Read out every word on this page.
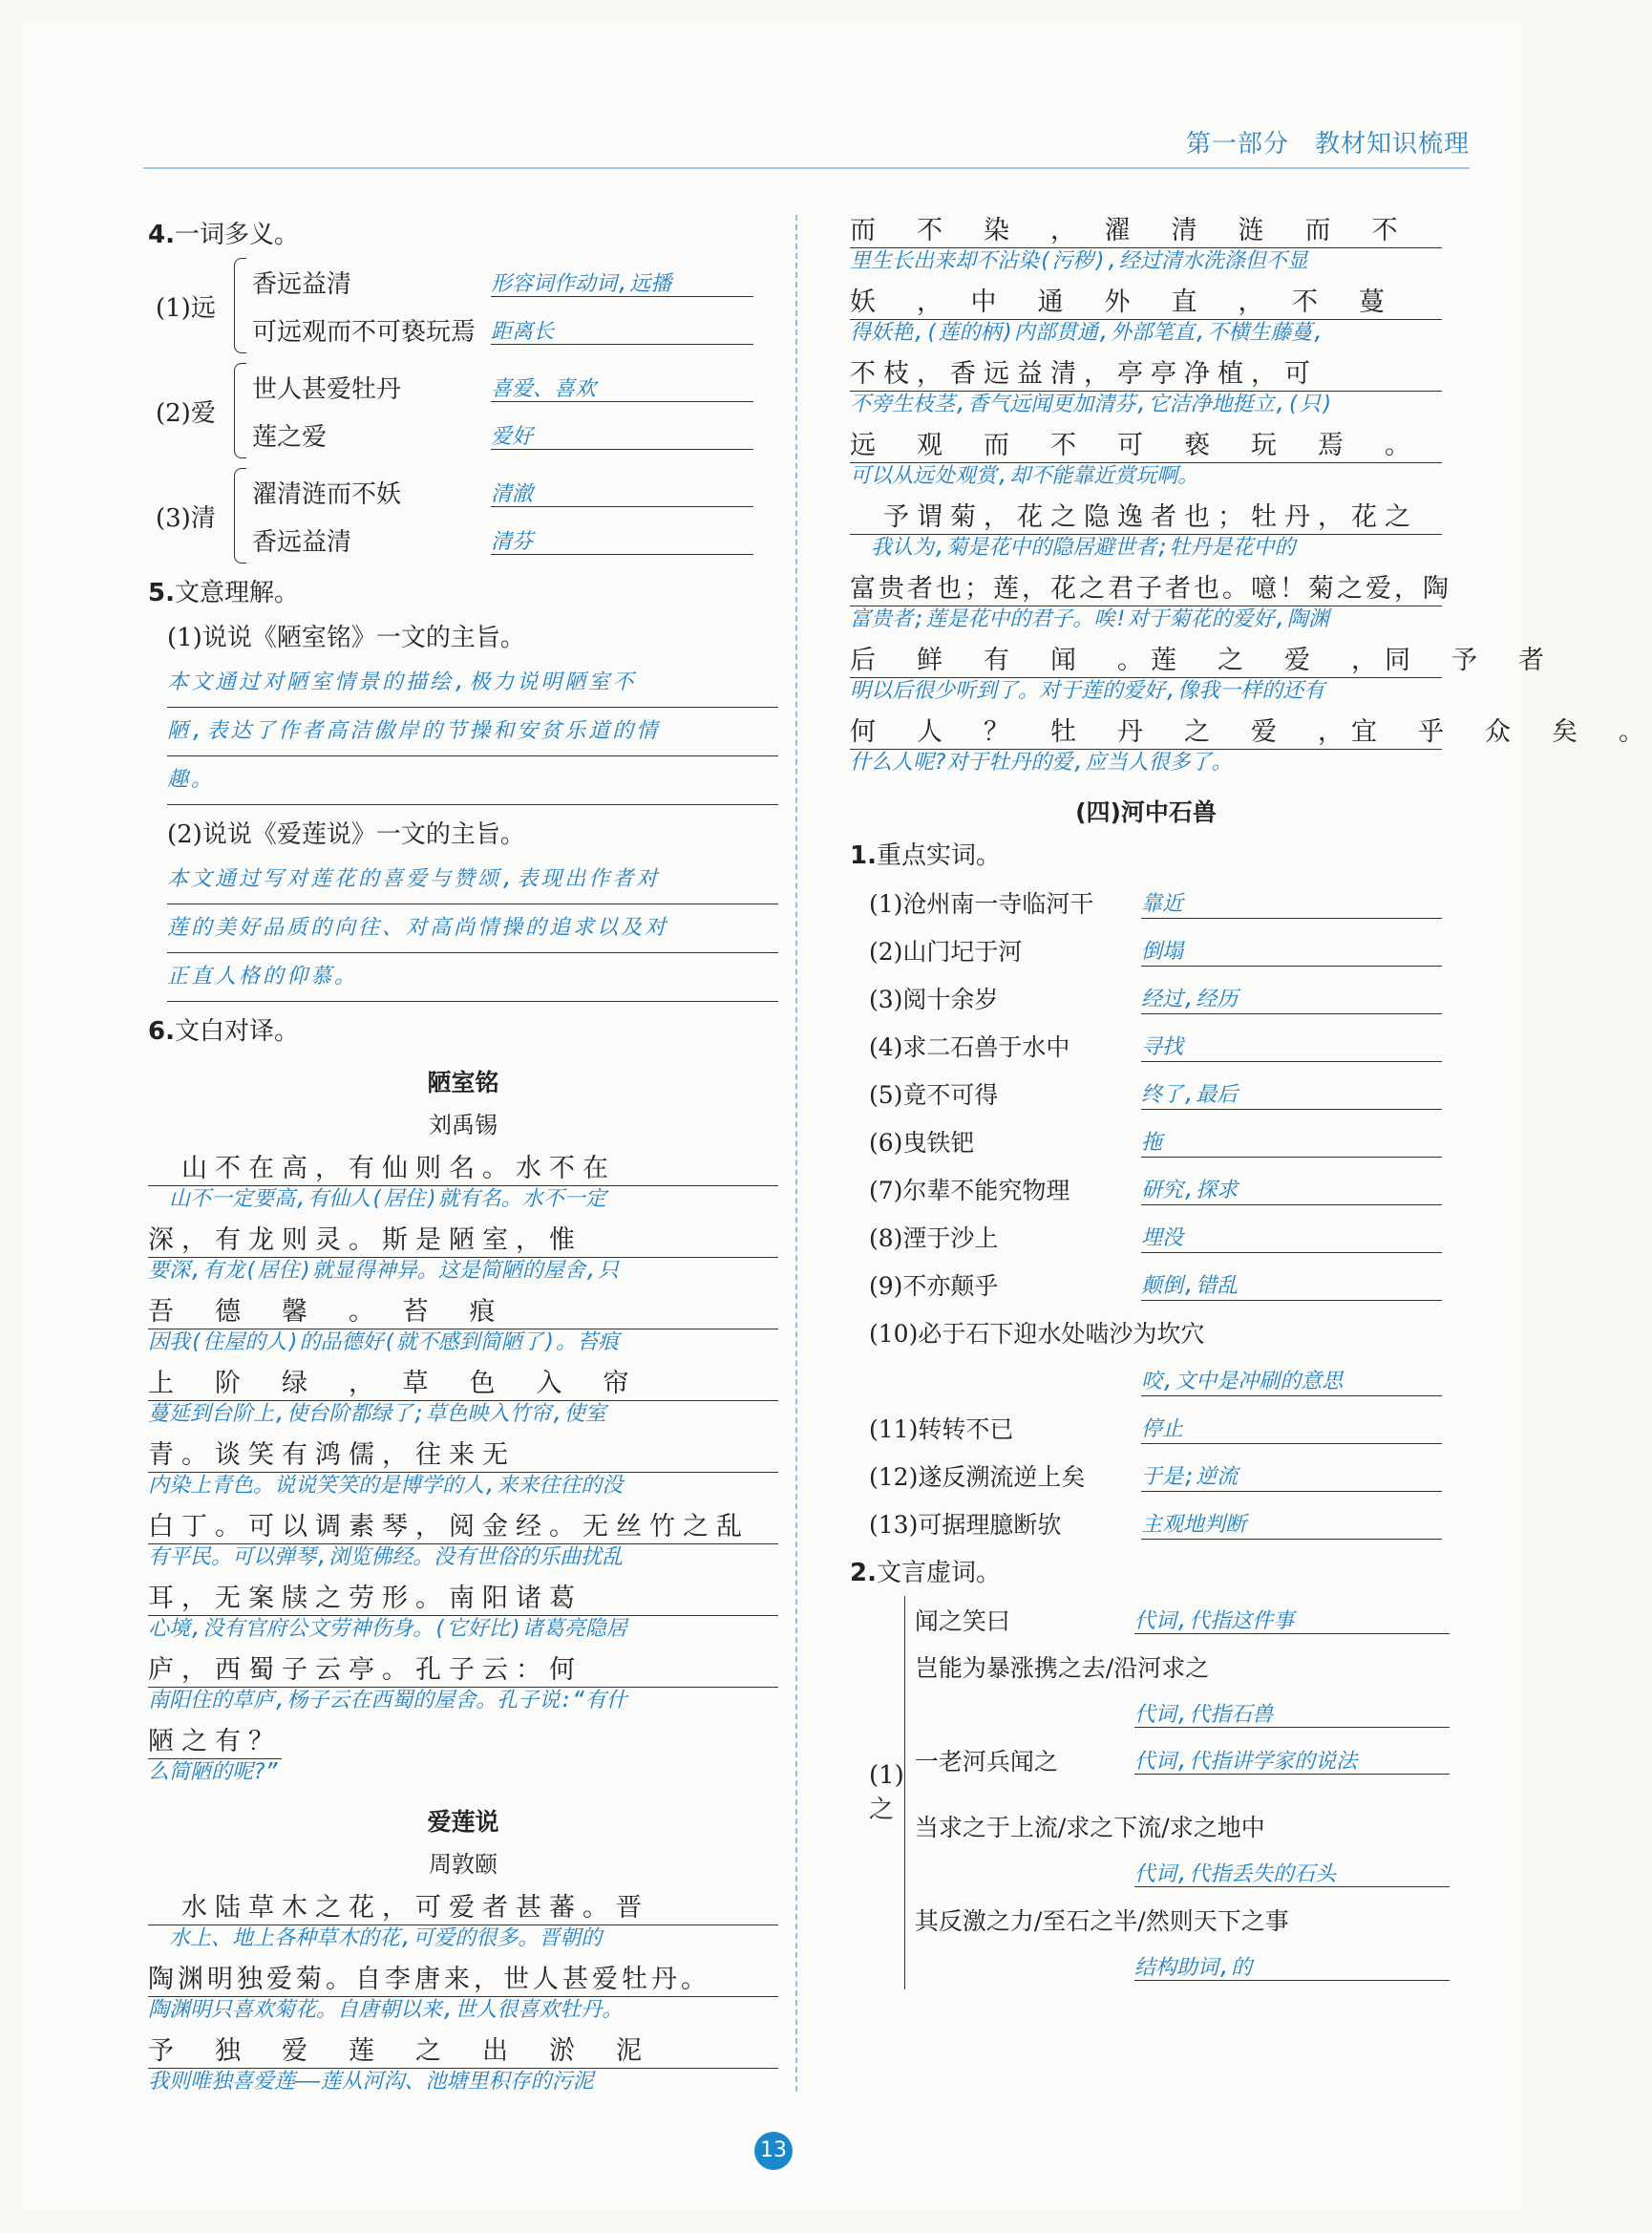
第一部分　教材知识梳理
4.一词多义。
(1)远
香远益清	形容词作动词,远播
可远观而不可亵玩焉 距离长
(2)爱
世人甚爱牡丹	喜爱、喜欢
莲之爱	爱好
(3)清
濯清涟而不妖	清澈
香远益清	清芬
5.文意理解。
(1)说说《陋室铭》一文的主旨。
本文通过对陋室情景的描绘,极力说明陋室不
陋,表达了作者高洁傲岸的节操和安贫乐道的情
趣。
(2)说说《爱莲说》一文的主旨。
本文通过写对莲花的喜爱与赞颂,表现出作者对
莲的美好品质的向往、对高尚情操的追求以及对
正直人格的仰慕。
6.文白对译。
陋室铭
刘禹锡
　山不在高，有仙则名。水不在
　山不一定要高,有仙人(居住)就有名。水不一定
深，有龙则灵。斯是陋室，惟
要深,有龙(居住)就显得神异。这是简陋的屋舍,只
吾　德　馨　。　苔　痕
因我(住屋的人)的品德好(就不感到简陋了)。苔痕
上　阶　绿　，　草　色　入　帘
蔓延到台阶上,使台阶都绿了;草色映入竹帘,使室
青。谈笑有鸿儒，往来无
内染上青色。说说笑笑的是博学的人,来来往往的没
白丁。可以调素琴，阅金经。无丝竹之乱
有平民。可以弹琴,浏览佛经。没有世俗的乐曲扰乱
耳，无案牍之劳形。南阳诸葛
心境,没有官府公文劳神伤身。(它好比)诸葛亮隐居
庐，西蜀子云亭。孔子云：何
南阳住的草庐,杨子云在西蜀的屋舍。孔子说:“有什
陋之有？
么简陋的呢?”
爱莲说
周敦颐
　水陆草木之花，可爱者甚蕃。晋
　水上、地上各种草木的花,可爱的很多。晋朝的
陶渊明独爱菊。自李唐来，世人甚爱牡丹。
陶渊明只喜欢菊花。自唐朝以来,世人很喜欢牡丹。
予　独　爱　莲　之　出　淤　泥
我则唯独喜爱莲——莲从河沟、池塘里积存的污泥
而　不　染　，　濯　清　涟　而　不
里生长出来却不沾染(污秽),经过清水洗涤但不显
妖　，　中　通　外　直　，　不　蔓
得妖艳,(莲的柄)内部贯通,外部笔直,不横生藤蔓,
不枝，香远益清，亭亭净植，可
不旁生枝茎,香气远闻更加清芬,它洁净地挺立,(只)
远　观　而　不　可　亵　玩　焉　。
可以从远处观赏,却不能靠近赏玩啊。
　予谓菊，花之隐逸者也；牡丹，花之
　我认为,菊是花中的隐居避世者;牡丹是花中的
富贵者也；莲，花之君子者也。噫！菊之爱，陶
富贵者;莲是花中的君子。唉!对于菊花的爱好,陶渊
后　鲜　有　闻　。莲　之　爱　，同　予　者
明以后很少听到了。对于莲的爱好,像我一样的还有
何　人　？　牡　丹　之　爱　，宜　乎　众　矣　。
什么人呢?对于牡丹的爱,应当人很多了。
(四)河中石兽
1.重点实词。
(1)沧州南一寺临河干	靠近
(2)山门圮于河	倒塌
(3)阅十余岁	经过,经历
(4)求二石兽于水中	寻找
(5)竟不可得	终了,最后
(6)曳铁钯	拖
(7)尔辈不能究物理	研究,探求
(8)湮于沙上	埋没
(9)不亦颠乎	颠倒,错乱
(10)必于石下迎水处啮沙为坎穴
咬,文中是冲刷的意思
(11)转转不已	停止
(12)遂反溯流逆上矣	于是;逆流
(13)可据理臆断欤	主观地判断
2.文言虚词。
(1)之
闻之笑曰	代词,代指这件事
岂能为暴涨携之去/沿河求之
代词,代指石兽
一老河兵闻之	代词,代指讲学家的说法
当求之于上流/求之下流/求之地中
代词,代指丢失的石头
其反激之力/至石之半/然则天下之事
结构助词,的
13
